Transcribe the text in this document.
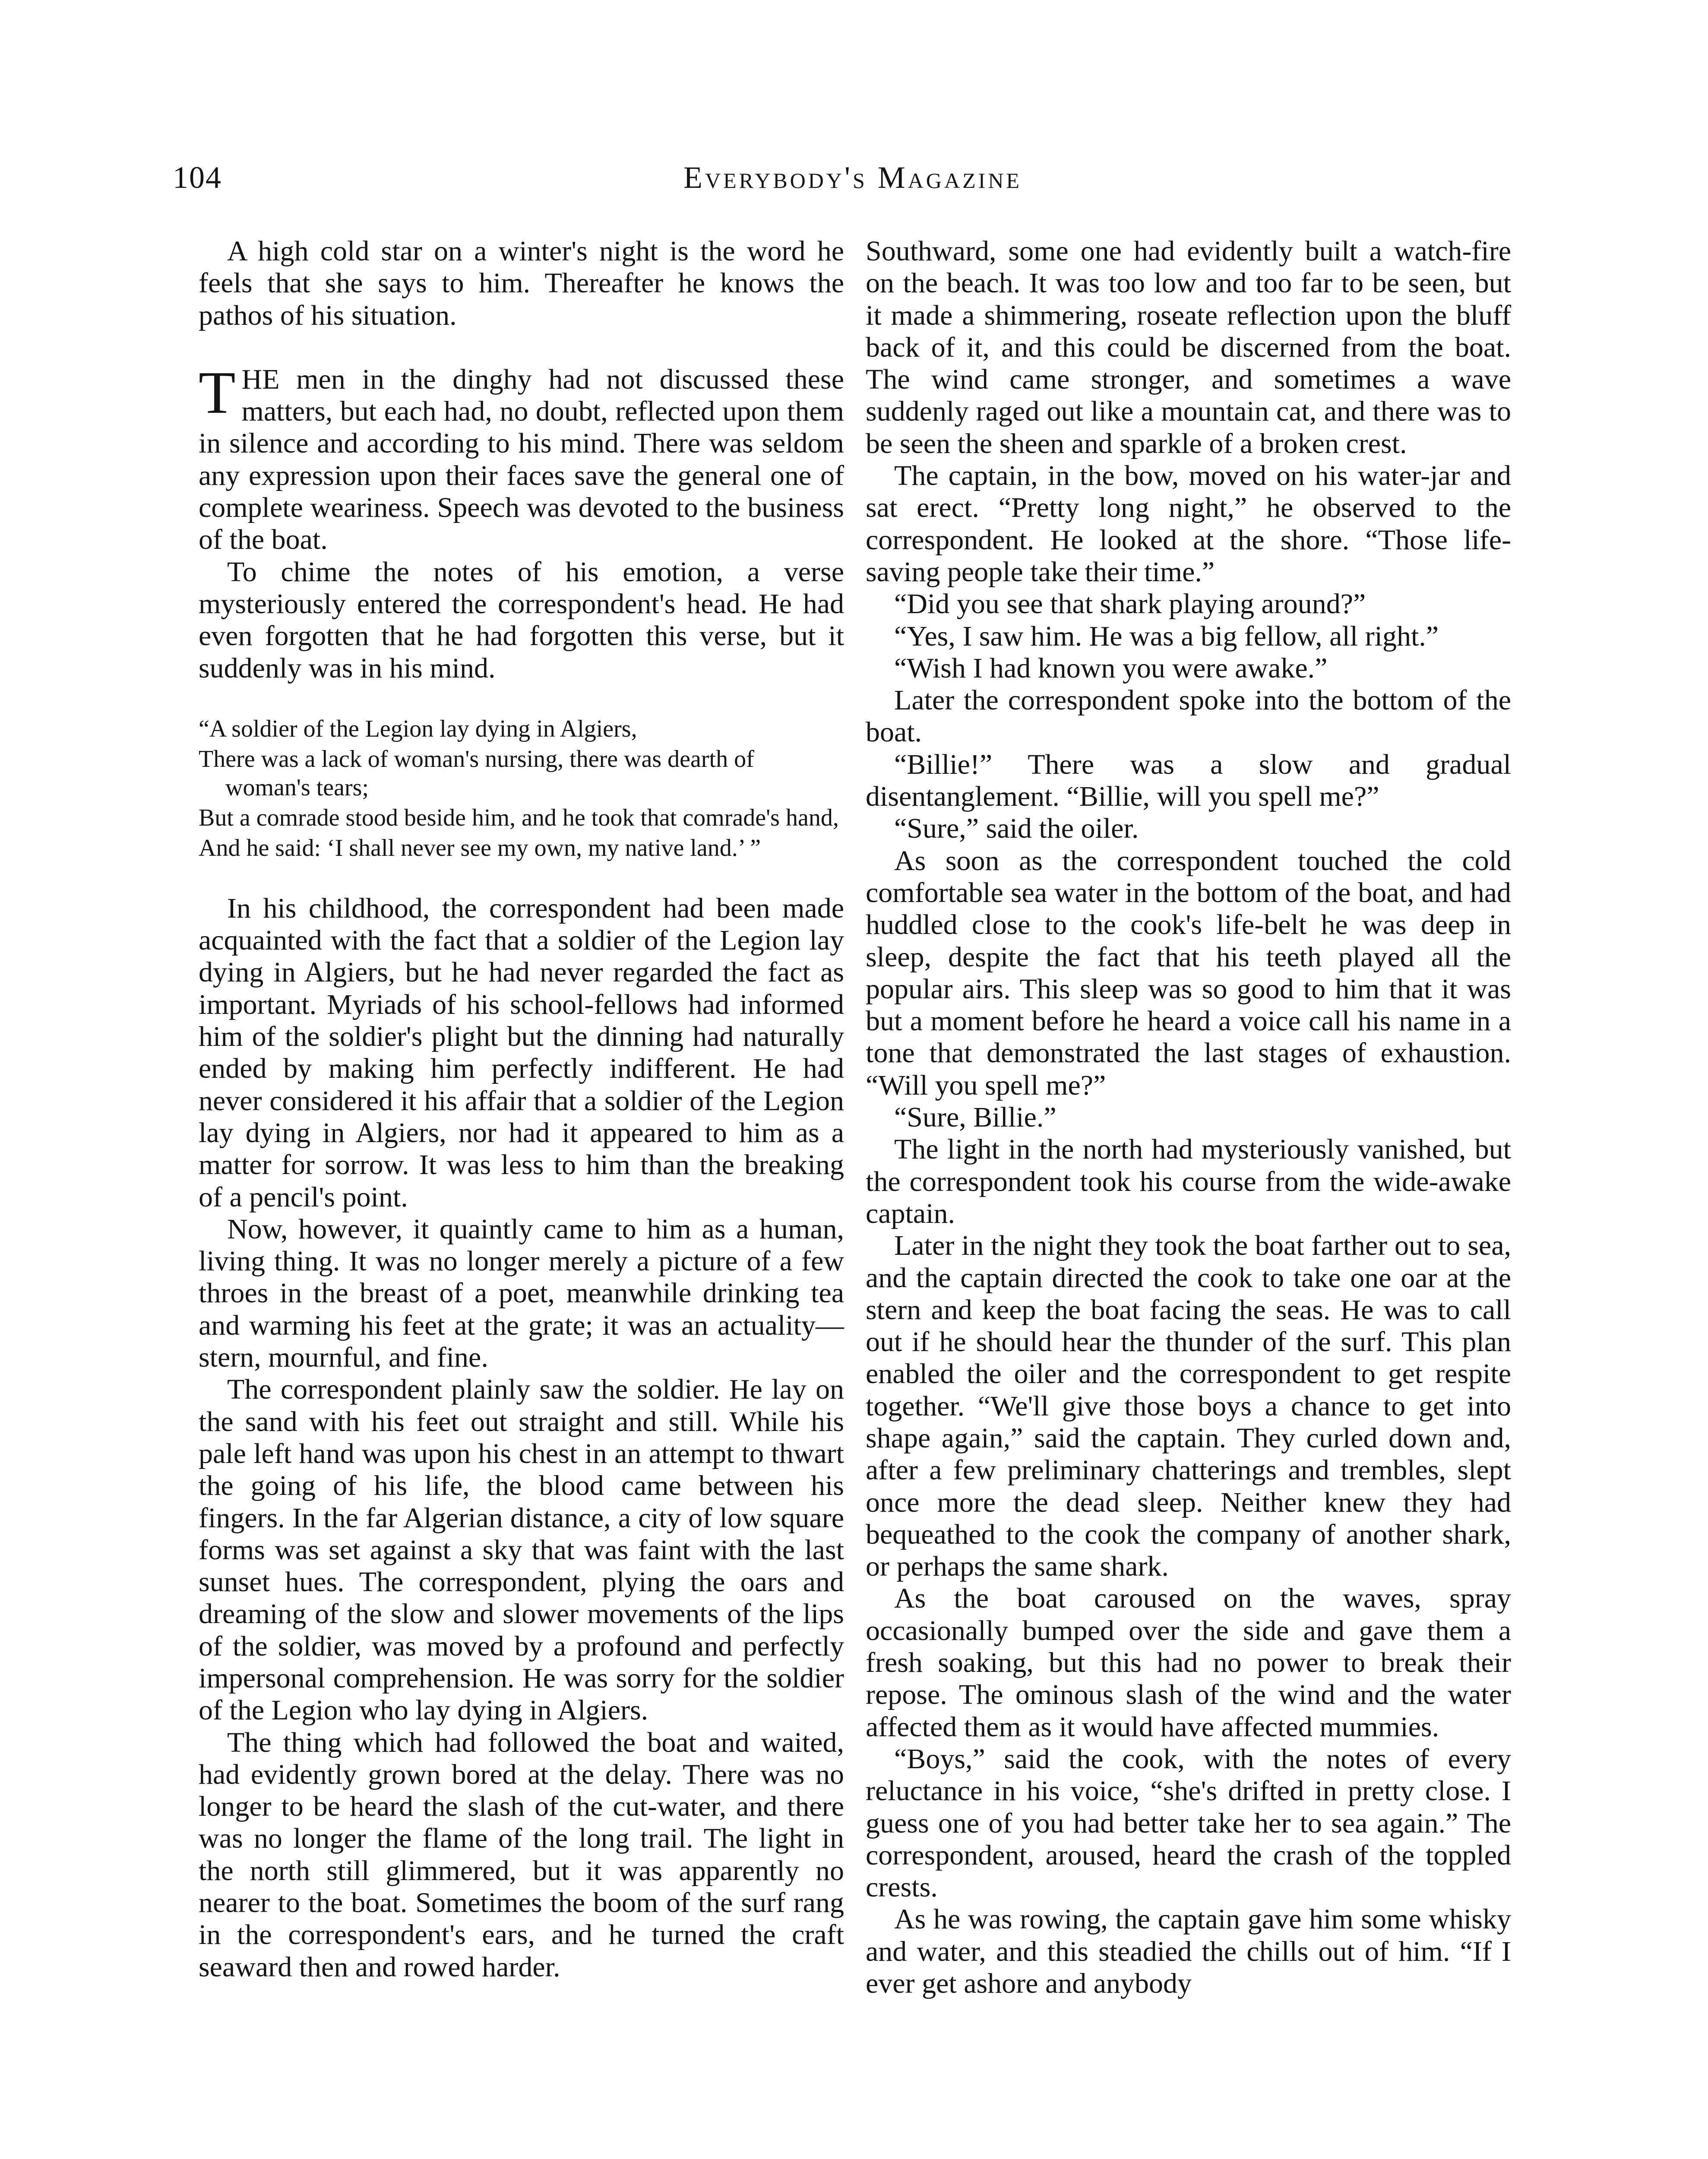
104	Everybody's Magazine

A high cold star on a winter's night is the word he feels that she says to him. Thereafter he knows the pathos of his situation.

THE men in the dinghy had not discussed these matters, but each had, no doubt, reflected upon them in silence and according to his mind. There was seldom any expression upon their faces save the general one of complete weariness. Speech was devoted to the business of the boat.

To chime the notes of his emotion, a verse mysteriously entered the correspondent's head. He had even forgotten that he had forgotten this verse, but it suddenly was in his mind.

“A soldier of the Legion lay dying in Algiers,

There was a lack of woman's nursing, there was dearth of woman's tears;

But a comrade stood beside him, and he took that comrade's hand,

And he said: ‘I shall never see my own, my native land.’ ”

In his childhood, the correspondent had been made acquainted with the fact that a soldier of the Legion lay dying in Algiers, but he had never regarded the fact as important. Myriads of his school-fellows had informed him of the soldier's plight but the dinning had naturally ended by making him perfectly indifferent. He had never considered it his affair that a soldier of the Legion lay dying in Algiers, nor had it appeared to him as a matter for sorrow. It was less to him than the breaking of a pencil's point.

Now, however, it quaintly came to him as a human, living thing. It was no longer merely a picture of a few throes in the breast of a poet, meanwhile drinking tea and warming his feet at the grate; it was an actuality—stern, mournful, and fine.

The correspondent plainly saw the soldier. He lay on the sand with his feet out straight and still. While his pale left hand was upon his chest in an attempt to thwart the going of his life, the blood came between his fingers. In the far Algerian distance, a city of low square forms was set against a sky that was faint with the last sunset hues. The correspondent, plying the oars and dreaming of the slow and slower movements of the lips of the soldier, was moved by a profound and perfectly impersonal comprehension. He was sorry for the soldier of the Legion who lay dying in Algiers.

The thing which had followed the boat and waited, had evidently grown bored at the delay. There was no longer to be heard the slash of the cut-water, and there was no longer the flame of the long trail. The light in the north still glimmered, but it was apparently no nearer to the boat. Sometimes the boom of the surf rang in the correspondent's ears, and he turned the craft seaward then and rowed harder.

Southward, some one had evidently built a watch-fire on the beach. It was too low and too far to be seen, but it made a shimmering, roseate reflection upon the bluff back of it, and this could be discerned from the boat. The wind came stronger, and sometimes a wave suddenly raged out like a mountain cat, and there was to be seen the sheen and sparkle of a broken crest.

The captain, in the bow, moved on his water-jar and sat erect. “Pretty long night,” he observed to the correspondent. He looked at the shore. “Those life-saving people take their time.”

“Did you see that shark playing around?”

“Yes, I saw him. He was a big fellow, all right.”

“Wish I had known you were awake.”

Later the correspondent spoke into the bottom of the boat.

“Billie!” There was a slow and gradual disentanglement. “Billie, will you spell me?”

“Sure,” said the oiler.

As soon as the correspondent touched the cold comfortable sea water in the bottom of the boat, and had huddled close to the cook's life-belt he was deep in sleep, despite the fact that his teeth played all the popular airs. This sleep was so good to him that it was but a moment before he heard a voice call his name in a tone that demonstrated the last stages of exhaustion. “Will you spell me?”

“Sure, Billie.”

The light in the north had mysteriously vanished, but the correspondent took his course from the wide-awake captain.

Later in the night they took the boat farther out to sea, and the captain directed the cook to take one oar at the stern and keep the boat facing the seas. He was to call out if he should hear the thunder of the surf. This plan enabled the oiler and the correspondent to get respite together. “We'll give those boys a chance to get into shape again,” said the captain. They curled down and, after a few preliminary chatterings and trembles, slept once more the dead sleep. Neither knew they had bequeathed to the cook the company of another shark, or perhaps the same shark.

As the boat caroused on the waves, spray occasionally bumped over the side and gave them a fresh soaking, but this had no power to break their repose. The ominous slash of the wind and the water affected them as it would have affected mummies.

“Boys,” said the cook, with the notes of every reluctance in his voice, “she's drifted in pretty close. I guess one of you had better take her to sea again.” The correspondent, aroused, heard the crash of the toppled crests.

As he was rowing, the captain gave him some whisky and water, and this steadied the chills out of him. “If I ever get ashore and anybody
